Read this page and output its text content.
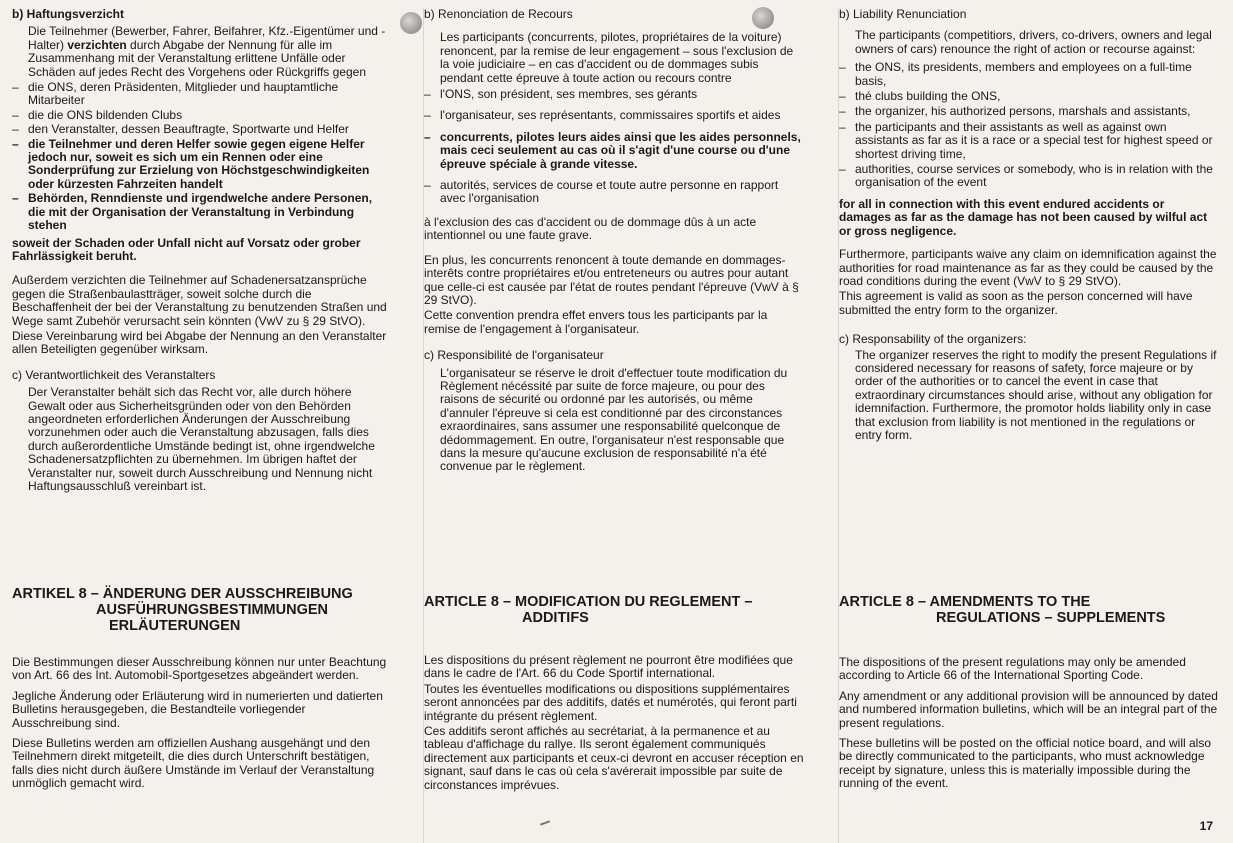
b) Haftungsverzicht

Die Teilnehmer (Bewerber, Fahrer, Beifahrer, Kfz.-Eigentümer und -Halter) verzichten durch Abgabe der Nennung für alle im Zusammenhang mit der Veranstaltung erlittene Unfälle oder Schäden auf jedes Recht des Vorgehens oder Rückgriffs gegen

– die ONS, deren Präsidenten, Mitglieder und hauptamtliche Mitarbeiter
– die die ONS bildenden Clubs
– den Veranstalter, dessen Beauftragte, Sportwarte und Helfer
– die Teilnehmer und deren Helfer sowie gegen eigene Helfer jedoch nur, soweit es sich um ein Rennen oder eine Sonderprüfung zur Erzielung von Höchstgeschwindigkeiten oder kürzesten Fahrzeiten handelt
– Behörden, Renndienste und irgendwelche andere Personen, die mit der Organisation der Veranstaltung in Verbindung stehen

soweit der Schaden oder Unfall nicht auf Vorsatz oder grober Fahrlässigkeit beruht.

Außerdem verzichten die Teilnehmer auf Schadenersatzansprüche gegen die Straßenbaulastträger, soweit solche durch die Beschaffenheit der bei der Veranstaltung zu benutzenden Straßen und Wege samt Zubehör verursacht sein könnten (VwV zu § 29 StVO).

Diese Vereinbarung wird bei Abgabe der Nennung an den Veranstalter allen Beteiligten gegenüber wirksam.

c) Verantwortlichkeit des Veranstalters

Der Veranstalter behält sich das Recht vor, alle durch höhere Gewalt oder aus Sicherheitsgründen oder von den Behörden angeordneten erforderlichen Änderungen der Ausschreibung vorzunehmen oder auch die Veranstaltung abzusagen, falls dies durch außerordentliche Umstände bedingt ist, ohne irgendwelche Schadenersatzpflichten zu übernehmen. Im übrigen haftet der Veranstalter nur, soweit durch Ausschreibung und Nennung nicht Haftungsausschluß vereinbart ist.

ARTIKEL 8 – ÄNDERUNG DER AUSSCHREIBUNG
AUSFÜHRUNGSBESTIMMUNGEN
ERLÄUTERUNGEN

Die Bestimmungen dieser Ausschreibung können nur unter Beachtung von Art. 66 des Int. Automobil-Sportgesetzes abgeändert werden.

Jegliche Änderung oder Erläuterung wird in numerierten und datierten Bulletins herausgegeben, die Bestandteile vorliegender Ausschreibung sind.

Diese Bulletins werden am offiziellen Aushang ausgehängt und den Teilnehmern direkt mitgeteilt, die dies durch Unterschrift bestätigen, falls dies nicht durch äußere Umstände im Verlauf der Veranstaltung unmöglich gemacht wird.

b) Renonciation de Recours

Les participants (concurrents, pilotes, propriétaires de la voiture) renoncent, par la remise de leur engagement – sous l'exclusion de la voie judiciaire – en cas d'accident ou de dommages subis pendant cette épreuve à toute action ou recours contre

– l'ONS, son président, ses membres, ses gérants
– l'organisateur, ses représentants, commissaires sportifs et aides
– concurrents, pilotes leurs aides ainsi que les aides personnels, mais ceci seulement au cas où il s'agit d'une course ou d'une épreuve spéciale à grande vitesse.
– autorités, services de course et toute autre personne en rapport avec l'organisation

à l'exclusion des cas d'accident ou de dommage dûs à un acte intentionnel ou une faute grave.

En plus, les concurrents renoncent à toute demande en dommages-interêts contre propriétaires et/ou entreteneurs ou autres pour autant que celle-ci est causée par l'état de routes pendant l'épreuve (VwV à § 29 StVO).

Cette convention prendra effet envers tous les participants par la remise de l'engagement à l'organisateur.

c) Responsibilité de l'organisateur

L'organisateur se réserve le droit d'effectuer toute modification du Règlement nécéssité par suite de force majeure, ou pour des raisons de sécurité ou ordonné par les autorisés, ou même d'annuler l'épreuve si cela est conditionné par des circonstances exraordinaires, sans assumer une responsabilité quelconque de dédommagement. En outre, l'organisateur n'est responsable que dans la mesure qu'aucune exclusion de responsabilité n'a été convenue par le règlement.

ARTICLE 8 – MODIFICATION DU REGLEMENT –
ADDITIFS

Les dispositions du présent règlement ne pourront être modifiées que dans le cadre de l'Art. 66 du Code Sportif international.

Toutes les éventuelles modifications ou dispositions supplémentaires seront annoncées par des additifs, datés et numérotés, qui feront parti intégrante du présent règlement.

Ces additifs seront affichés au secrétariat, à la permanence et au tableau d'affichage du rallye. Ils seront également communiqués directement aux participants et ceux-ci devront en accuser réception en signant, sauf dans le cas où cela s'avérerait impossible par suite de circonstances imprévues.

b) Liability Renunciation

The participants (competitiors, drivers, co-drivers, owners and legal owners of cars) renounce the right of action or recourse against:

– the ONS, its presidents, members and employees on a full-time basis,
– thé clubs building the ONS,
– the organizer, his authorized persons, marshals and assistants,
– the participants and their assistants as well as against own assistants as far as it is a race or a special test for highest speed or shortest driving time,
– authorities, course services or somebody, who is in relation with the organisation of the event

for all in connection with this event endured accidents or damages as far as the damage has not been caused by wilful act or gross negligence.

Furthermore, participants waive any claim on idemnification against the authorities for road maintenance as far as they could be caused by the road conditions during the event (VwV to § 29 StVO).

This agreement is valid as soon as the person concerned will have submitted the entry form to the organizer.

c) Responsability of the organizers:

The organizer reserves the right to modify the present Regulations if considered necessary for reasons of safety, force majeure or by order of the authorities or to cancel the event in case that extraordinary circumstances should arise, without any obligation for idemnifaction. Furthermore, the promotor holds liability only in case that exclusion from liability is not mentioned in the regulations or entry form.

ARTICLE 8 – AMENDMENTS TO THE
REGULATIONS – SUPPLEMENTS

The dispositions of the present regulations may only be amended according to Article 66 of the International Sporting Code.

Any amendment or any additional provision will be announced by dated and numbered information bulletins, which will be an integral part of the present regulations.

These bulletins will be posted on the official notice board, and will also be directly communicated to the participants, who must acknowledge receipt by signature, unless this is materially impossible during the running of the event.

17
